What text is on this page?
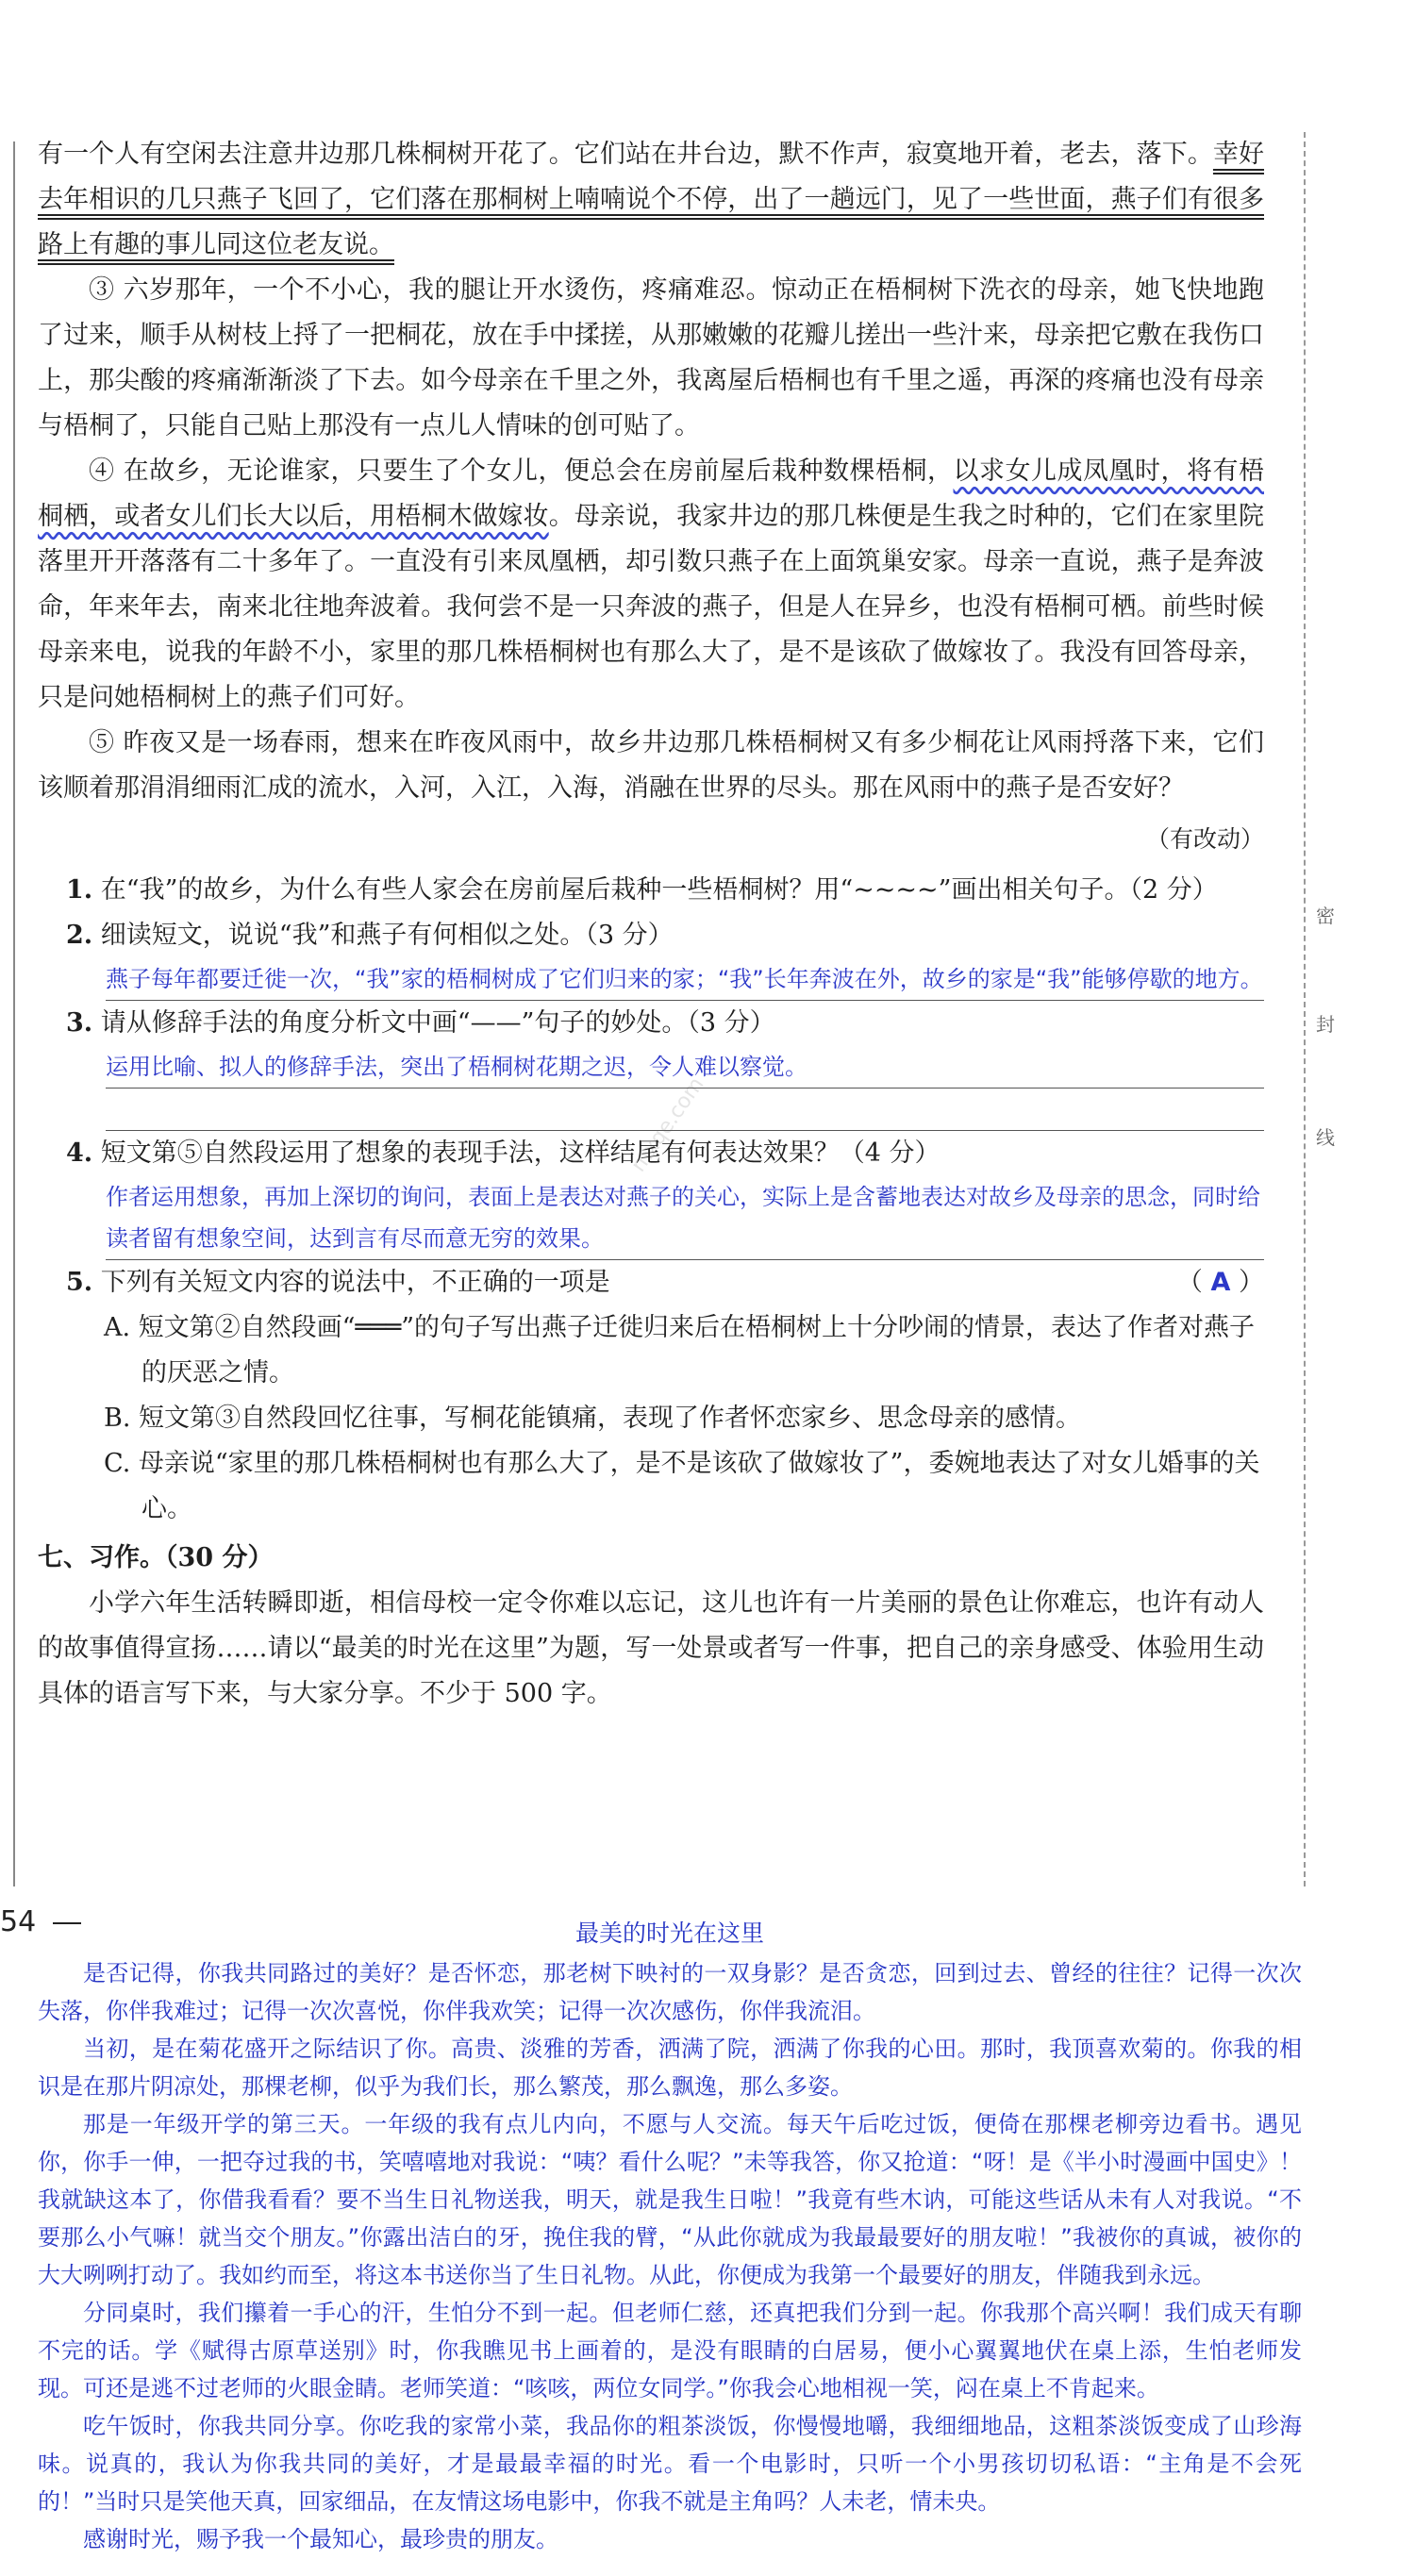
密
封
线
mxqe.com

有一个人有空闲去注意井边那几株桐树开花了。它们站在井台边，默不作声，寂寞地开着，老去，落下。幸好去年相识的几只燕子飞回了，它们落在那桐树上喃喃说个不停，出了一趟远门，见了一些世面，燕子们有很多路上有趣的事儿同这位老友说。

③ 六岁那年，一个不小心，我的腿让开水烫伤，疼痛难忍。惊动正在梧桐树下洗衣的母亲，她飞快地跑了过来，顺手从树枝上捋了一把桐花，放在手中揉搓，从那嫩嫩的花瓣儿搓出一些汁来，母亲把它敷在我伤口上，那尖酸的疼痛渐渐淡了下去。如今母亲在千里之外，我离屋后梧桐也有千里之遥，再深的疼痛也没有母亲与梧桐了，只能自己贴上那没有一点儿人情味的创可贴了。

④ 在故乡，无论谁家，只要生了个女儿，便总会在房前屋后栽种数棵梧桐，以求女儿成凤凰时，将有梧桐栖，或者女儿们长大以后，用梧桐木做嫁妆。母亲说，我家井边的那几株便是生我之时种的，它们在家里院落里开开落落有二十多年了。一直没有引来凤凰栖，却引数只燕子在上面筑巢安家。母亲一直说，燕子是奔波命，年来年去，南来北往地奔波着。我何尝不是一只奔波的燕子，但是人在异乡，也没有梧桐可栖。前些时候母亲来电，说我的年龄不小，家里的那几株梧桐树也有那么大了，是不是该砍了做嫁妆了。我没有回答母亲，只是问她梧桐树上的燕子们可好。

⑤ 昨夜又是一场春雨，想来在昨夜风雨中，故乡井边那几株梧桐树又有多少桐花让风雨捋落下来，它们该顺着那涓涓细雨汇成的流水，入河，入江，入海，消融在世界的尽头。那在风雨中的燕子是否安好？

（有改动）

1. 在“我”的故乡，为什么有些人家会在房前屋后栽种一些梧桐树？用“~~~~”画出相关句子。（2 分）

2. 细读短文，说说“我”和燕子有何相似之处。（3 分）

燕子每年都要迁徙一次，“我”家的梧桐树成了它们归来的家；“我”长年奔波在外，故乡的家是“我”能够停歇的地方。

3. 请从修辞手法的角度分析文中画“——”句子的妙处。（3 分）

运用比喻、拟人的修辞手法，突出了梧桐树花期之迟，令人难以察觉。

4. 短文第⑤自然段运用了想象的表现手法，这样结尾有何表达效果？（4 分）

作者运用想象，再加上深切的询问，表面上是表达对燕子的关心，实际上是含蓄地表达对故乡及母亲的思念，同时给读者留有想象空间，达到言有尽而意无穷的效果。

5. 下列有关短文内容的说法中，不正确的一项是	（ A ）

A. 短文第②自然段画“═══”的句子写出燕子迁徙归来后在梧桐树上十分吵闹的情景，表达了作者对燕子的厌恶之情。

B. 短文第③自然段回忆往事，写桐花能镇痛，表现了作者怀恋家乡、思念母亲的感情。

C. 母亲说“家里的那几株梧桐树也有那么大了，是不是该砍了做嫁妆了”，委婉地表达了对女儿婚事的关心。

七、习作。（30 分）

小学六年生活转瞬即逝，相信母校一定令你难以忘记，这儿也许有一片美丽的景色让你难忘，也许有动人的故事值得宣扬……请以“最美的时光在这里”为题，写一处景或者写一件事，把自己的亲身感受、体验用生动具体的语言写下来，与大家分享。不少于 500 字。

54	最美的时光在这里

是否记得，你我共同路过的美好？是否怀恋，那老树下映衬的一双身影？是否贪恋，回到过去、曾经的往往？记得一次次失落，你伴我难过；记得一次次喜悦，你伴我欢笑；记得一次次感伤，你伴我流泪。

当初，是在菊花盛开之际结识了你。高贵、淡雅的芳香，洒满了院，洒满了你我的心田。那时，我顶喜欢菊的。你我的相识是在那片阴凉处，那棵老柳，似乎为我们长，那么繁茂，那么飘逸，那么多姿。

那是一年级开学的第三天。一年级的我有点儿内向，不愿与人交流。每天午后吃过饭，便倚在那棵老柳旁边看书。遇见你，你手一伸，一把夺过我的书，笑嘻嘻地对我说：“咦？看什么呢？”未等我答，你又抢道：“呀！是《半小时漫画中国史》！我就缺这本了，你借我看看？要不当生日礼物送我，明天，就是我生日啦！”我竟有些木讷，可能这些话从未有人对我说。“不要那么小气嘛！就当交个朋友。”你露出洁白的牙，挽住我的臂，“从此你就成为我最最要好的朋友啦！”我被你的真诚，被你的大大咧咧打动了。我如约而至，将这本书送你当了生日礼物。从此，你便成为我第一个最要好的朋友，伴随我到永远。

分同桌时，我们攥着一手心的汗，生怕分不到一起。但老师仁慈，还真把我们分到一起。你我那个高兴啊！我们成天有聊不完的话。学《赋得古原草送别》时，你我瞧见书上画着的，是没有眼睛的白居易，便小心翼翼地伏在桌上添，生怕老师发现。可还是逃不过老师的火眼金睛。老师笑道：“咳咳，两位女同学。”你我会心地相视一笑，闷在桌上不肯起来。

吃午饭时，你我共同分享。你吃我的家常小菜，我品你的粗茶淡饭，你慢慢地嚼，我细细地品，这粗茶淡饭变成了山珍海味。说真的，我认为你我共同的美好，才是最最幸福的时光。看一个电影时，只听一个小男孩切切私语：“主角是不会死的！”当时只是笑他天真，回家细品，在友情这场电影中，你我不就是主角吗？人未老，情未央。

感谢时光，赐予我一个最知心，最珍贵的朋友。
